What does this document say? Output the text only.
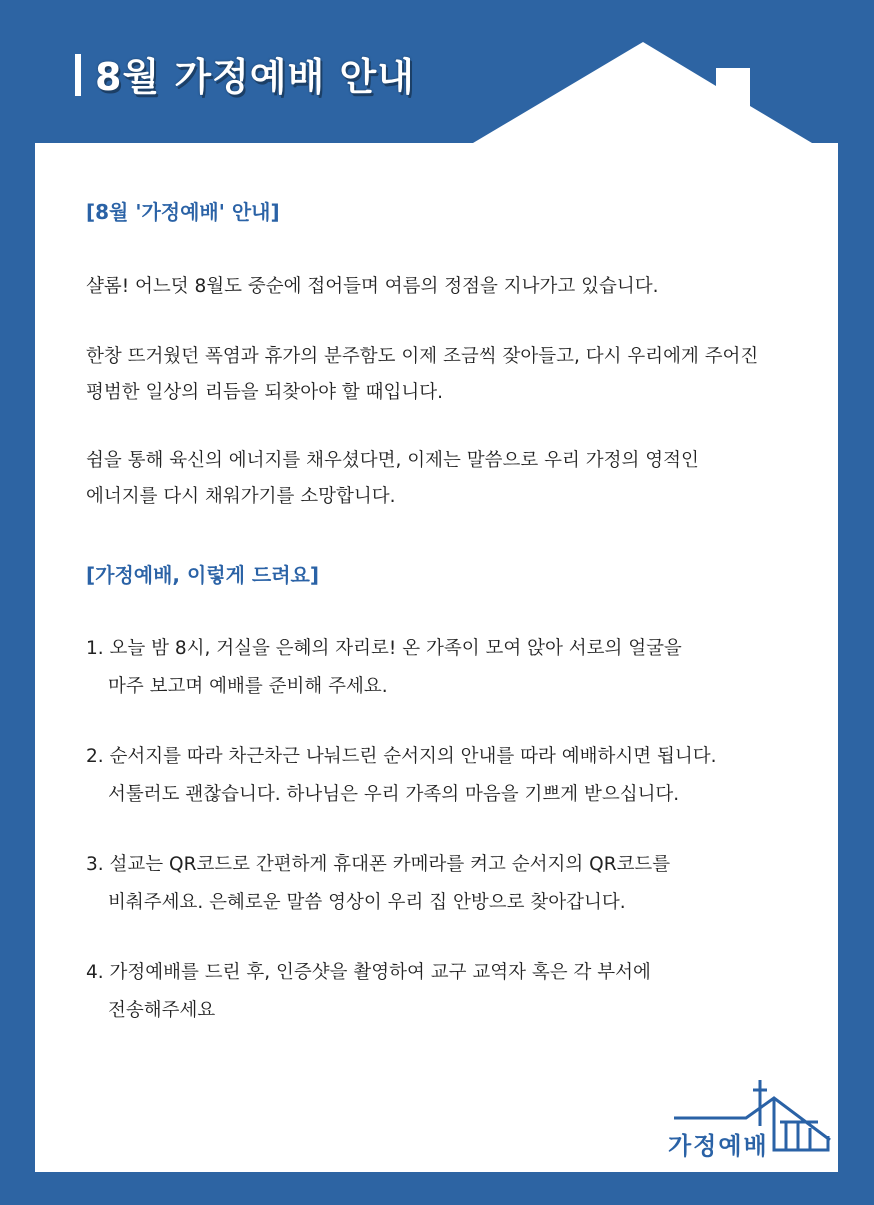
8월 가정예배 안내

[8월 '가정예배' 안내]

샬롬! 어느덧 8월도 중순에 접어들며 여름의 정점을 지나가고 있습니다.

한창 뜨거웠던 폭염과 휴가의 분주함도 이제 조금씩 잦아들고, 다시 우리에게 주어진

평범한 일상의 리듬을 되찾아야 할 때입니다.

쉼을 통해 육신의 에너지를 채우셨다면, 이제는 말씀으로 우리 가정의 영적인

에너지를 다시 채워가기를 소망합니다.

[가정예배, 이렇게 드려요]

1. 오늘 밤 8시, 거실을 은혜의 자리로! 온 가족이 모여 앉아 서로의 얼굴을

마주 보고며 예배를 준비해 주세요.

2. 순서지를 따라 차근차근 나눠드린 순서지의 안내를 따라 예배하시면 됩니다.

서툴러도 괜찮습니다. 하나님은 우리 가족의 마음을 기쁘게 받으십니다.

3. 설교는 QR코드로 간편하게 휴대폰 카메라를 켜고 순서지의 QR코드를

비춰주세요. 은혜로운 말씀 영상이 우리 집 안방으로 찾아갑니다.

4. 가정예배를 드린 후, 인증샷을 촬영하여 교구 교역자 혹은 각 부서에

전송해주세요

가정예배
